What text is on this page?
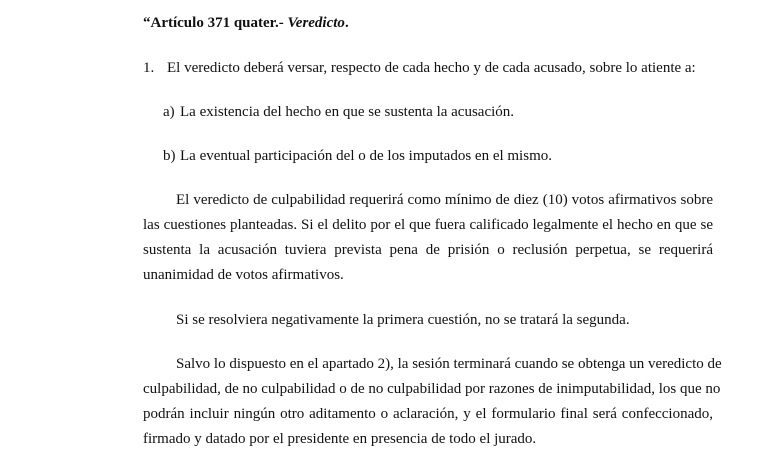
“Artículo 371 quater.- Veredicto.
1. El veredicto deberá versar, respecto de cada hecho y de cada acusado, sobre lo atiente a:
a) La existencia del hecho en que se sustenta la acusación.
b) La eventual participación del o de los imputados en el mismo.
El veredicto de culpabilidad requerirá como mínimo de diez (10) votos afirmativos sobre
las cuestiones planteadas. Si el delito por el que fuera calificado legalmente el hecho en que se
sustenta la acusación tuviera prevista pena de prisión o reclusión perpetua, se requerirá
unanimidad de votos afirmativos.
Si se resolviera negativamente la primera cuestión, no se tratará la segunda.
Salvo lo dispuesto en el apartado 2), la sesión terminará cuando se obtenga un veredicto de
culpabilidad, de no culpabilidad o de no culpabilidad por razones de inimputabilidad, los que no
podrán incluir ningún otro aditamento o aclaración, y el formulario final será confeccionado,
firmado y datado por el presidente en presencia de todo el jurado.
